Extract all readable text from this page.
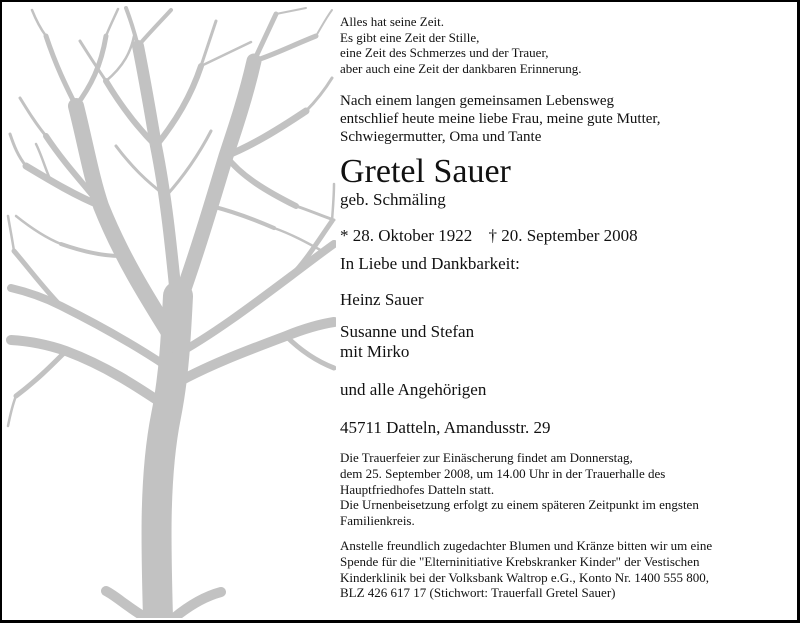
Alles hat seine Zeit.
Es gibt eine Zeit der Stille,
eine Zeit des Schmerzes und der Trauer,
aber auch eine Zeit der dankbaren Erinnerung.
Nach einem langen gemeinsamen Lebensweg
entschlief heute meine liebe Frau, meine gute Mutter,
Schwiegermutter, Oma und Tante
Gretel Sauer
geb. Schmäling
* 28. Oktober 1922 † 20. September 2008
In Liebe und Dankbarkeit:
Heinz Sauer
Susanne und Stefan
mit Mirko
und alle Angehörigen
45711 Datteln, Amandusstr. 29
Die Trauerfeier zur Einäscherung findet am Donnerstag,
dem 25. September 2008, um 14.00 Uhr in der Trauerhalle des
Hauptfriedhofes Datteln statt.
Die Urnenbeisetzung erfolgt zu einem späteren Zeitpunkt im engsten
Familienkreis.
Anstelle freundlich zugedachter Blumen und Kränze bitten wir um eine
Spende für die "Elterninitiative Krebskranker Kinder" der Vestischen
Kinderklinik bei der Volksbank Waltrop e.G., Konto Nr. 1400 555 800,
BLZ 426 617 17 (Stichwort: Trauerfall Gretel Sauer)
